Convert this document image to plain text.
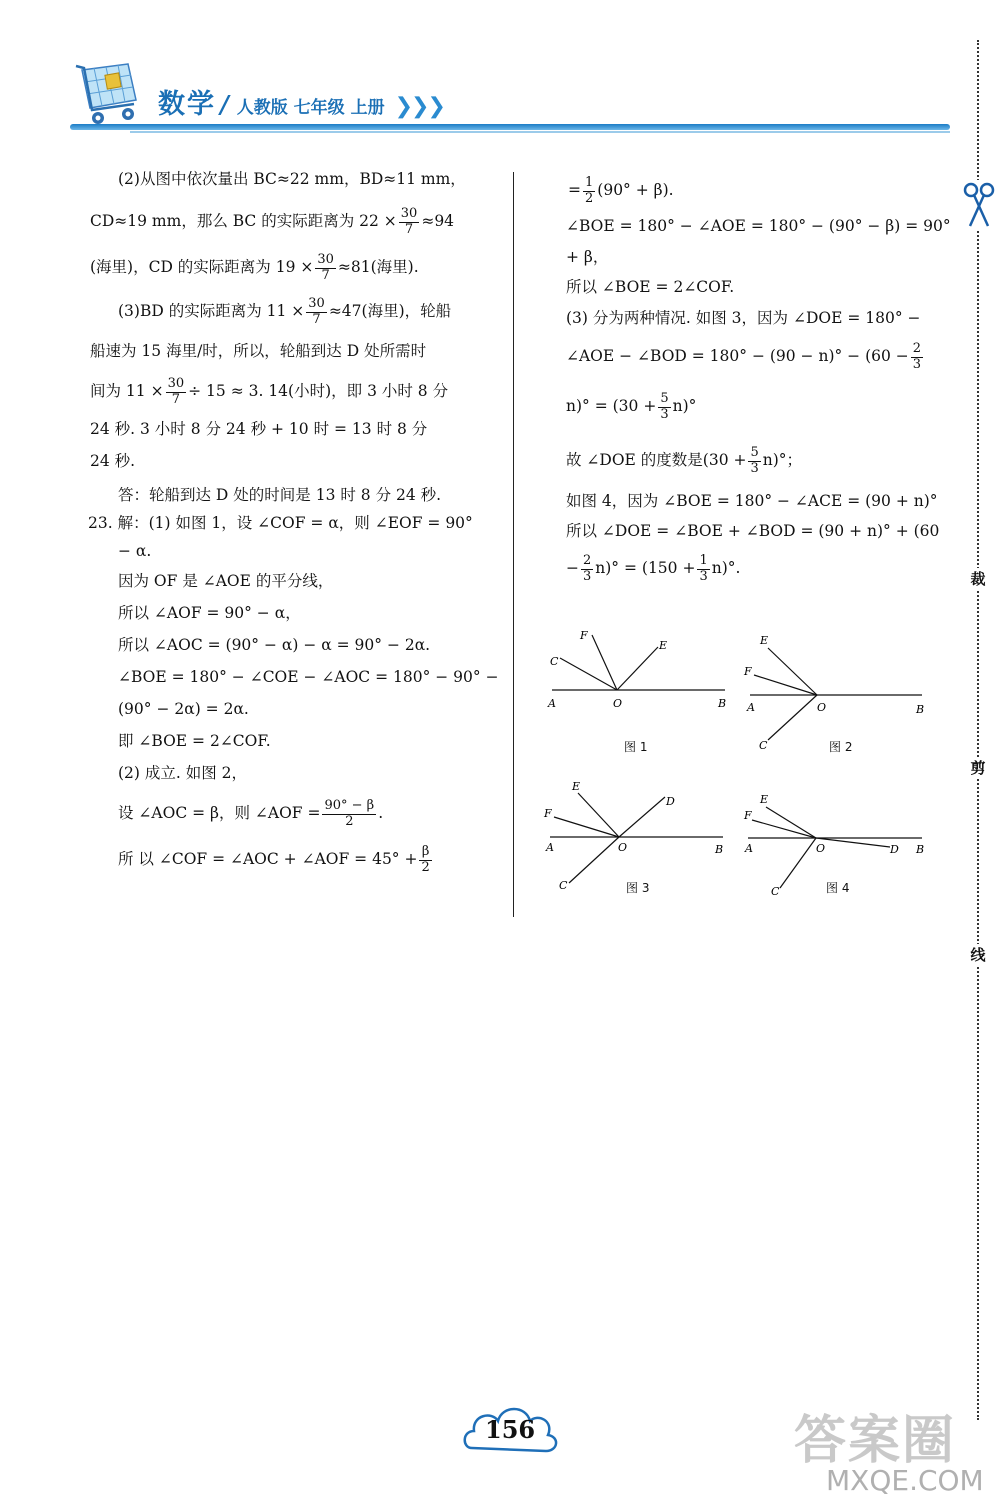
数学 / 人教版 七年级 上册 ❯❯❯

(2)从图中依次量出 BC≈22 mm，BD≈11 mm，

CD≈19 mm，那么 BC 的实际距离为 $22 \times \frac{30}{7} \approx 94$

(海里)，CD 的实际距离为 $19 \times \frac{30}{7} \approx 81$(海里).

(3)BD 的实际距离为 $11 \times \frac{30}{7} \approx 47$(海里)，轮船

船速为 15 海里/时，所以，轮船到达 D 处所需时

间为 $11 \times \frac{30}{7} \div 15 \approx 3$. 14(小时)，即 3 小时 8 分

24 秒. 3 小时 8 分 24 秒 + 10 时 = 13 时 8 分

24 秒.

答：轮船到达 D 处的时间是 13 时 8 分 24 秒.

23. 解：(1) 如图 1，设 ∠COF = α，则 ∠EOF = 90°

− α.

因为 OF 是 ∠AOE 的平分线，

所以 ∠AOF = 90° − α，

所以 ∠AOC = (90° − α) − α = 90° − 2α.

∠BOE = 180° − ∠COE − ∠AOC = 180° − 90° −

(90° − 2α) = 2α.

即 ∠BOE = 2∠COF.

(2) 成立. 如图 2，

设 ∠AOC = β，则 ∠AOF = $\frac{90^\circ - \beta}{2}$ .

所 以 ∠COF = ∠AOC + ∠AOF = $45^\circ + \frac{\beta}{2}$

= $\frac{1}{2} (90^\circ + \beta)$.

∠BOE = 180° − ∠AOE = 180° − (90° − β) = 90°

+ β，

所以 ∠BOE = 2∠COF.

(3) 分为两种情况. 如图 3，因为 ∠DOE = 180° −

∠AOE − ∠BOD = $180^\circ - (90 - n)^\circ - (60 - \frac{2}{3}$

$n)^\circ = (30 + \frac{5}{3} n)^\circ$

故 ∠DOE 的度数是$(30 + \frac{5}{3} n)^\circ$；

如图 4，因为 ∠BOE = 180° − ∠ACE = (90 + n)°

所以 ∠DOE = ∠BOE + ∠BOD = (90 + n)° + (60

− $\frac{2}{3} n)^\circ = (150 + \frac{1}{3} n)^\circ$.

A	O	B
C
F
E
图 1
A	O	B
E
F
C	图 2
A	O	B
E
F
D
C	图 3
A	O	D B
E
F
C	图 4
裁
剪
线
156	答案圈
MXQE.COM
